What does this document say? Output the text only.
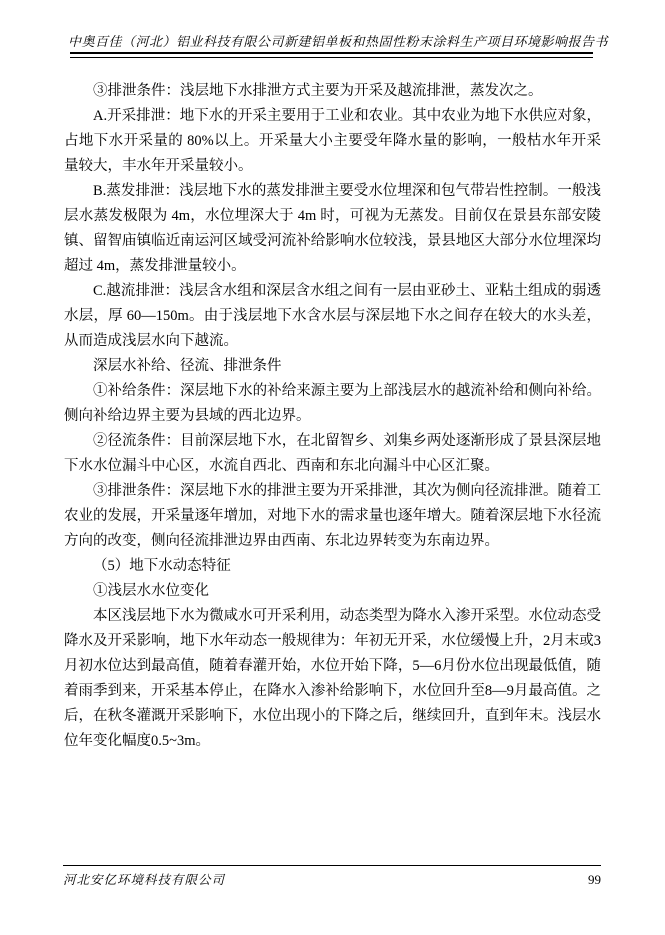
中奥百佳（河北）铝业科技有限公司新建铝单板和热固性粉末涂料生产项目环境影响报告书

③排泄条件：浅层地下水排泄方式主要为开采及越流排泄，蒸发次之。

A.开采排泄：地下水的开采主要用于工业和农业。其中农业为地下水供应对象，占地下水开采量的 80%以上。开采量大小主要受年降水量的影响，一般枯水年开采量较大，丰水年开采量较小。

B.蒸发排泄：浅层地下水的蒸发排泄主要受水位埋深和包气带岩性控制。一般浅层水蒸发极限为 4m，水位埋深大于 4m 时，可视为无蒸发。目前仅在景县东部安陵镇、留智庙镇临近南运河区域受河流补给影响水位较浅，景县地区大部分水位埋深均超过 4m，蒸发排泄量较小。

C.越流排泄：浅层含水组和深层含水组之间有一层由亚砂土、亚粘土组成的弱透水层，厚 60—150m。由于浅层地下水含水层与深层地下水之间存在较大的水头差，从而造成浅层水向下越流。

深层水补给、径流、排泄条件

①补给条件：深层地下水的补给来源主要为上部浅层水的越流补给和侧向补给。侧向补给边界主要为县域的西北边界。

②径流条件：目前深层地下水，在北留智乡、刘集乡两处逐渐形成了景县深层地下水水位漏斗中心区，水流自西北、西南和东北向漏斗中心区汇聚。

③排泄条件：深层地下水的排泄主要为开采排泄，其次为侧向径流排泄。随着工农业的发展，开采量逐年增加，对地下水的需求量也逐年增大。随着深层地下水径流方向的改变，侧向径流排泄边界由西南、东北边界转变为东南边界。

（5）地下水动态特征

①浅层水水位变化

本区浅层地下水为微咸水可开采利用，动态类型为降水入渗开采型。水位动态受降水及开采影响，地下水年动态一般规律为：年初无开采，水位缓慢上升，2月末或3月初水位达到最高值，随着春灌开始，水位开始下降，5—6月份水位出现最低值，随着雨季到来，开采基本停止，在降水入渗补给影响下，水位回升至8—9月最高值。之后，在秋冬灌溉开采影响下，水位出现小的下降之后，继续回升，直到年末。浅层水位年变化幅度0.5~3m。

河北安亿环境科技有限公司	99
